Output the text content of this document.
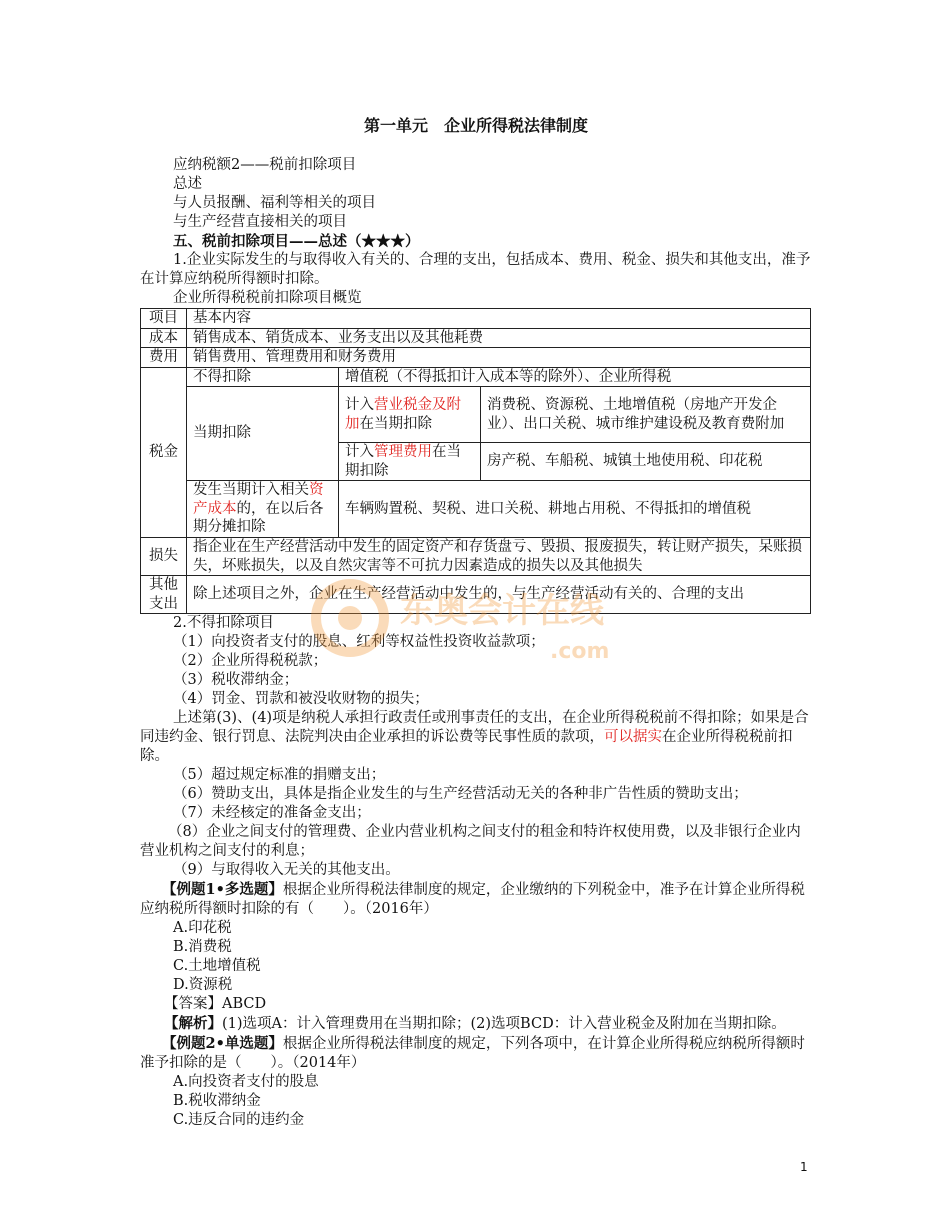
第一单元　企业所得税法律制度
应纳税额2——税前扣除项目
总述
与人员报酬、福利等相关的项目
与生产经营直接相关的项目
五、税前扣除项目——总述（★★★）
1.企业实际发生的与取得收入有关的、合理的支出，包括成本、费用、税金、损失和其他支出，准予在计算应纳税所得额时扣除。
企业所得税税前扣除项目概览
项目	基本内容		
成本	销售成本、销货成本、业务支出以及其他耗费		
费用	销售费用、管理费用和财务费用		
税金	不得扣除	增值税（不得抵扣计入成本等的除外）、企业所得税	
	当期扣除	计入营业税金及附加在当期扣除	消费税、资源税、土地增值税（房地产开发企业）、出口关税、城市维护建设税及教育费附加
		计入管理费用在当期扣除	房产税、车船税、城镇土地使用税、印花税
	发生当期计入相关资产成本的，在以后各期分摊扣除	车辆购置税、契税、进口关税、耕地占用税、不得抵扣的增值税	
损失	指企业在生产经营活动中发生的固定资产和存货盘亏、毁损、报废损失，转让财产损失，呆账损失，坏账损失，以及自然灾害等不可抗力因素造成的损失以及其他损失		
其他支出	除上述项目之外，企业在生产经营活动中发生的，与生产经营活动有关的、合理的支出		
2.不得扣除项目
（1）向投资者支付的股息、红利等权益性投资收益款项；
（2）企业所得税税款；
（3）税收滞纳金；
（4）罚金、罚款和被没收财物的损失；
上述第(3)、(4)项是纳税人承担行政责任或刑事责任的支出，在企业所得税税前不得扣除；如果是合同违约金、银行罚息、法院判决由企业承担的诉讼费等民事性质的款项，可以据实在企业所得税税前扣除。
（5）超过规定标准的捐赠支出；
（6）赞助支出，具体是指企业发生的与生产经营活动无关的各种非广告性质的赞助支出；
（7）未经核定的准备金支出；
（8）企业之间支付的管理费、企业内营业机构之间支付的租金和特许权使用费，以及非银行企业内营业机构之间支付的利息；
（9）与取得收入无关的其他支出。
【例题1•多选题】根据企业所得税法律制度的规定，企业缴纳的下列税金中，准予在计算企业所得税应纳税所得额时扣除的有（　　）。（2016年）
A.印花税
B.消费税
C.土地增值税
D.资源税
【答案】ABCD
【解析】(1)选项A：计入管理费用在当期扣除；(2)选项BCD：计入营业税金及附加在当期扣除。
【例题2•单选题】根据企业所得税法律制度的规定，下列各项中，在计算企业所得税应纳税所得额时准予扣除的是（　　）。（2014年）
A.向投资者支付的股息
B.税收滞纳金
C.违反合同的违约金
东奥会计在线
.com
1
